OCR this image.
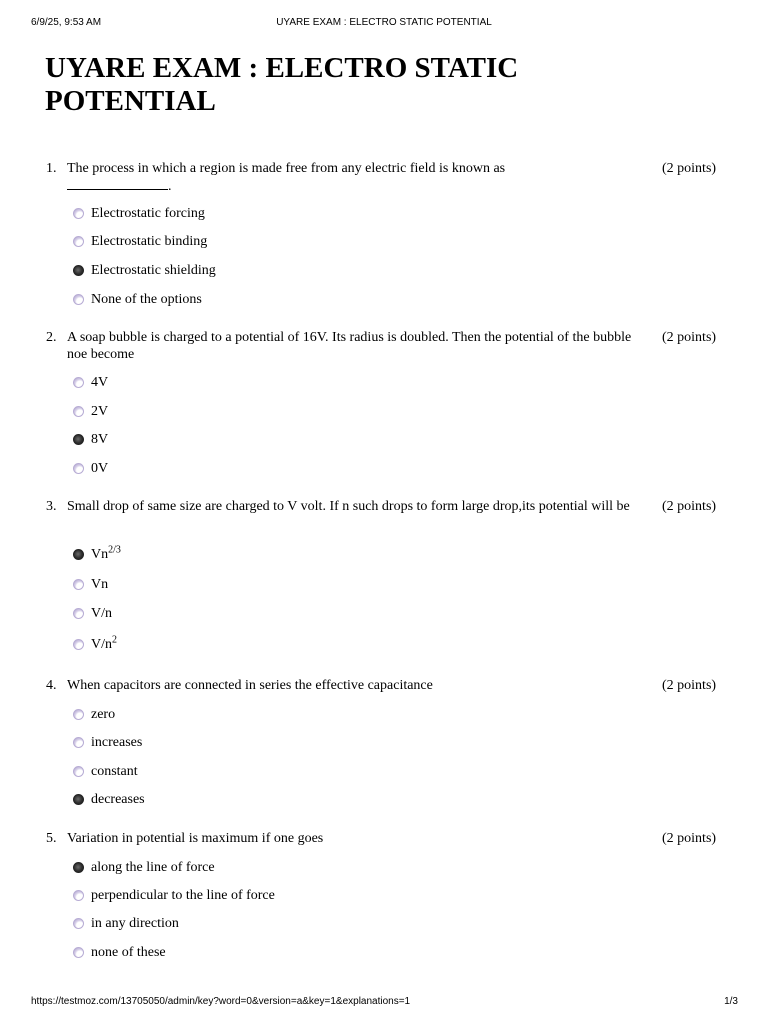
6/9/25, 9:53 AM	UYARE EXAM : ELECTRO STATIC POTENTIAL
UYARE EXAM : ELECTRO STATIC POTENTIAL
1. The process in which a region is made free from any electric field is known as
.
(2 points)
Electrostatic forcing
Electrostatic binding
Electrostatic shielding
None of the options
2. A soap bubble is charged to a potential of 16V. Its radius is doubled. Then the potential of the bubble noe become
(2 points)
4V
2V
8V
0V
3. Small drop of same size are charged to V volt. If n such drops to form large drop,its potential will be	(2 points)
$Vn^{2/3}$
Vn
V/n
$V/n^2$
4. When capacitors are connected in series the effective capacitance	(2 points)
zero
increases
constant
decreases
5. Variation in potential is maximum if one goes	(2 points)
along the line of force
perpendicular to the line of force
in any direction
none of these
https://testmoz.com/13705050/admin/key?word=0&version=a&key=1&explanations=1	1/3
